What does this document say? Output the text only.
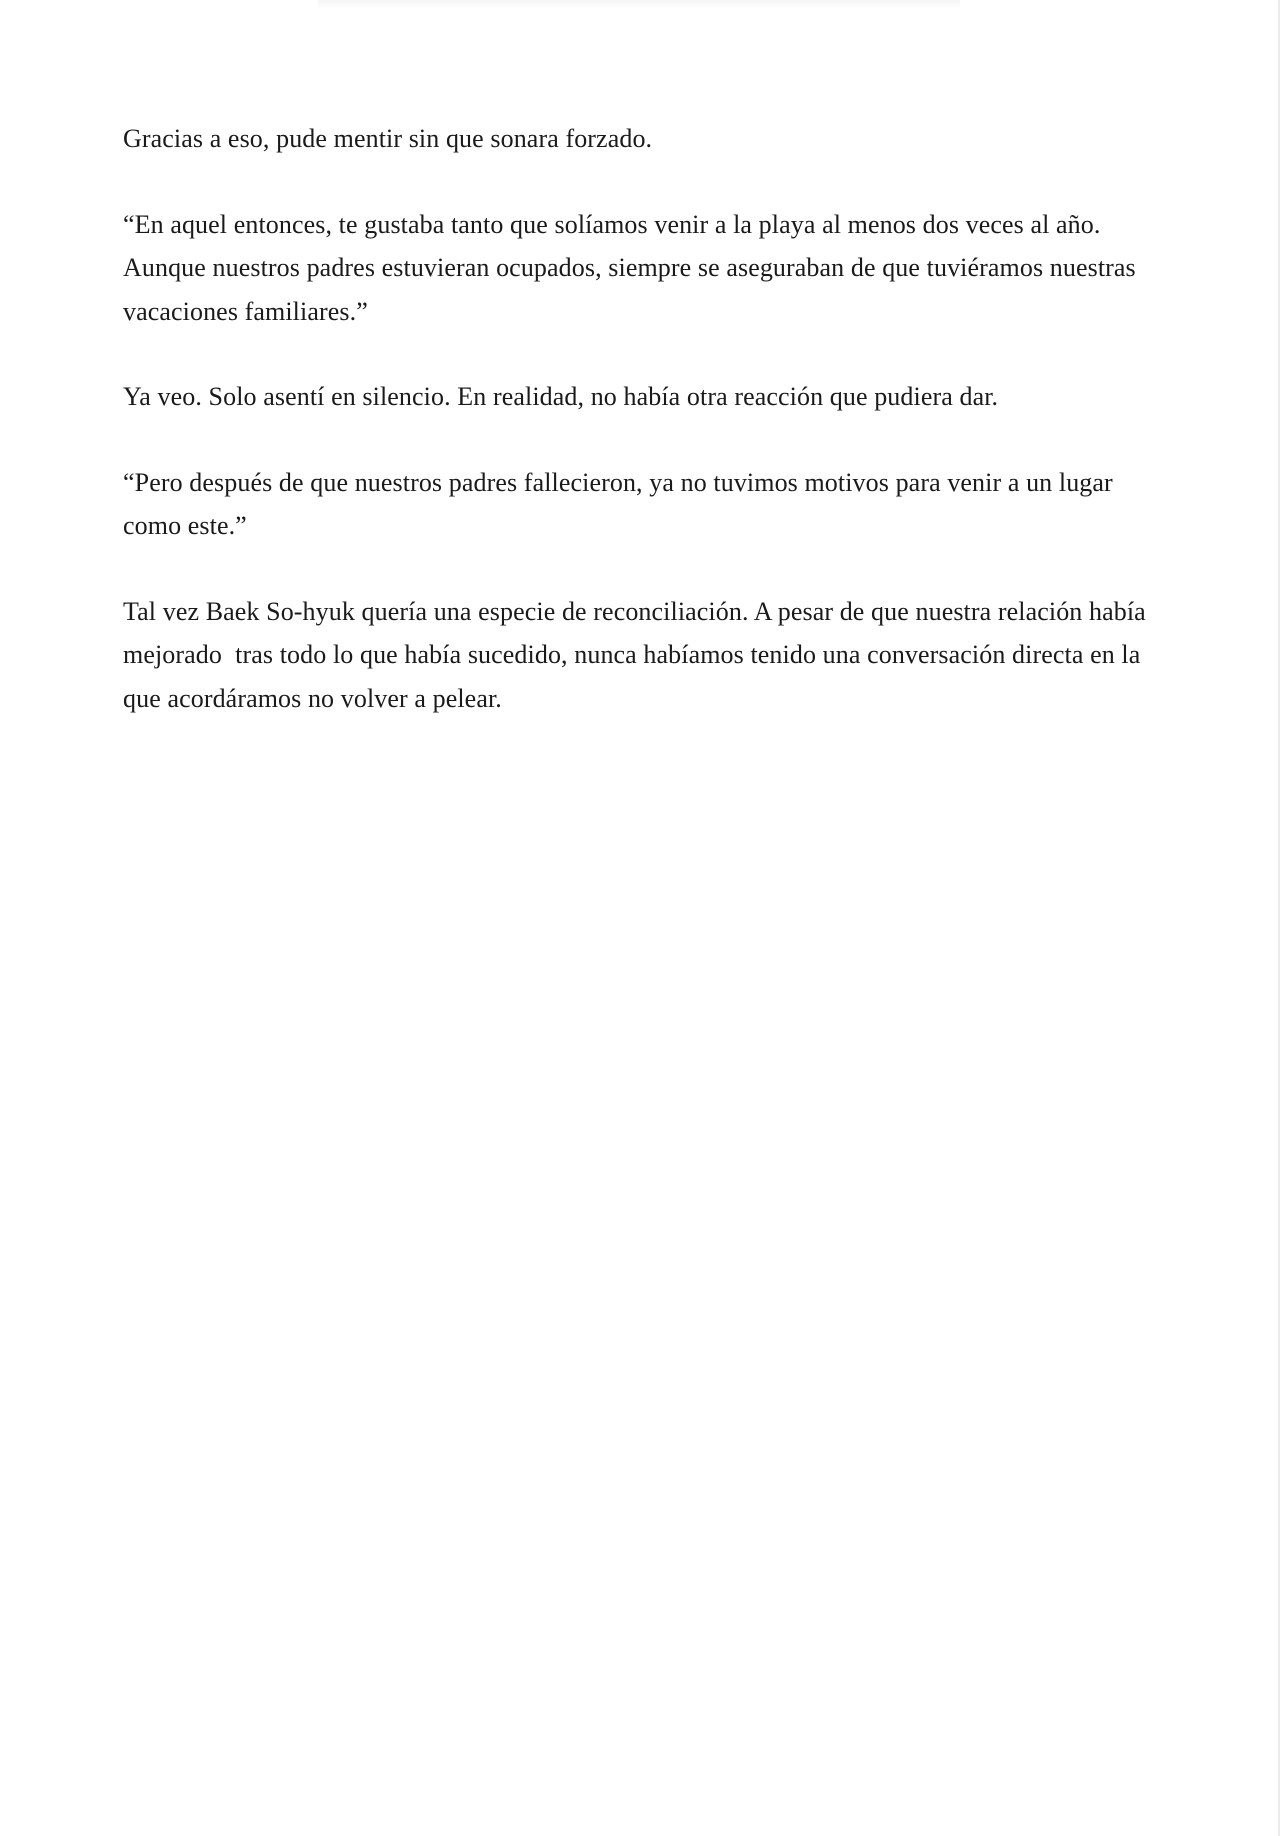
Gracias a eso, pude mentir sin que sonara forzado.

“En aquel entonces, te gustaba tanto que solíamos venir a la playa al menos dos veces al año. Aunque nuestros padres estuvieran ocupados, siempre se aseguraban de que tuviéramos nuestras vacaciones familiares.”

Ya veo. Solo asentí en silencio. En realidad, no había otra reacción que pudiera dar.

“Pero después de que nuestros padres fallecieron, ya no tuvimos motivos para venir a un lugar como este.”

Tal vez Baek So-hyuk quería una especie de reconciliación. A pesar de que nuestra relación había mejorado  tras todo lo que había sucedido, nunca habíamos tenido una conversación directa en la que acordáramos no volver a pelear.
